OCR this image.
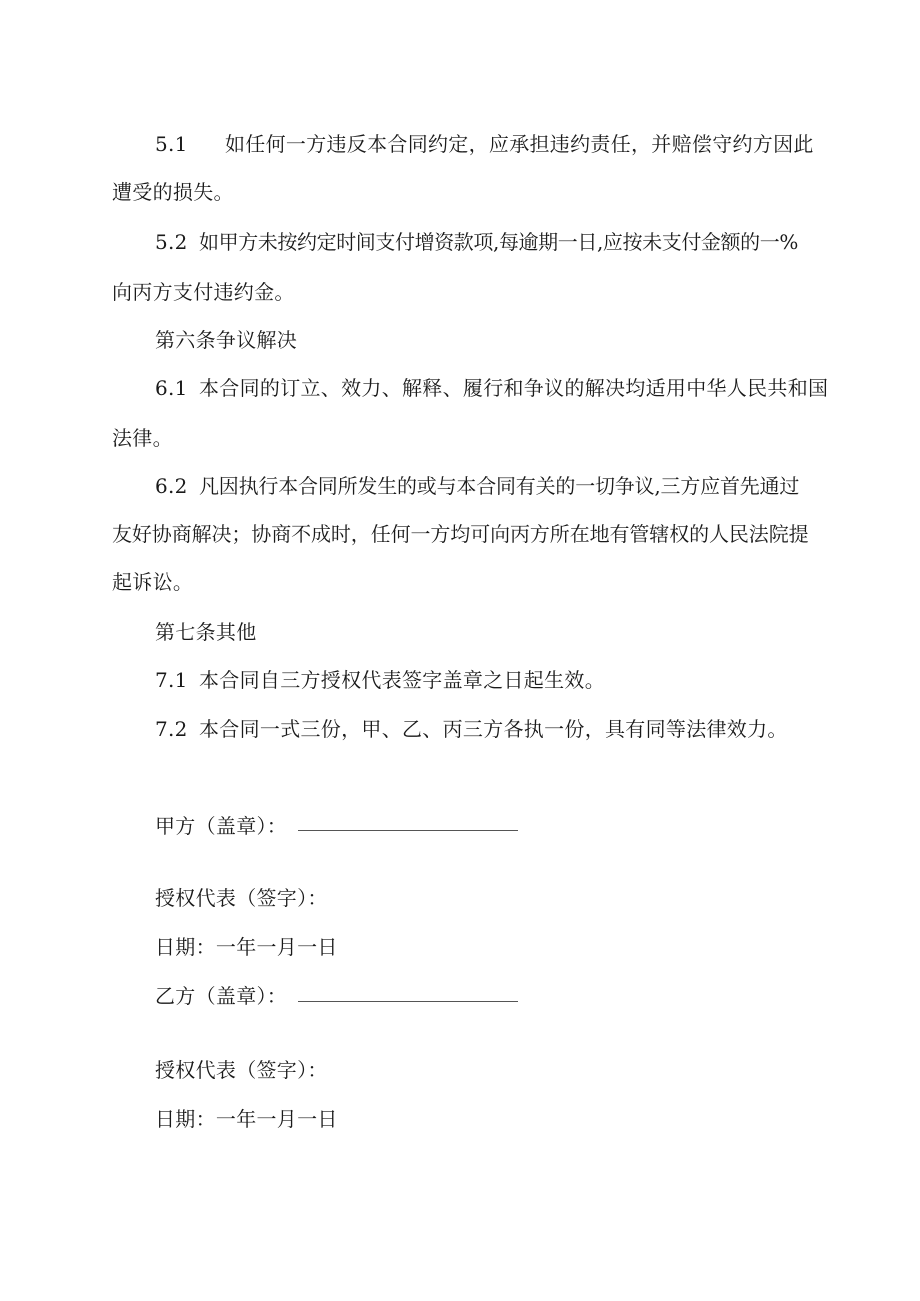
5.1 如任何一方违反本合同约定，应承担违约责任，并赔偿守约方因此
遭受的损失。
5.2 如甲方未按约定时间支付增资款项,每逾期一日,应按未支付金额的一%
向丙方支付违约金。
第六条争议解决
6.1 本合同的订立、效力、解释、履行和争议的解决均适用中华人民共和国
法律。
6.2 凡因执行本合同所发生的或与本合同有关的一切争议,三方应首先通过
友好协商解决；协商不成时，任何一方均可向丙方所在地有管辖权的人民法院提
起诉讼。
第七条其他
7.1 本合同自三方授权代表签字盖章之日起生效。
7.2 本合同一式三份，甲、乙、丙三方各执一份，具有同等法律效力。
甲方（盖章）：
授权代表（签字）：
日期：一年一月一日
乙方（盖章）：
授权代表（签字）：
日期：一年一月一日
